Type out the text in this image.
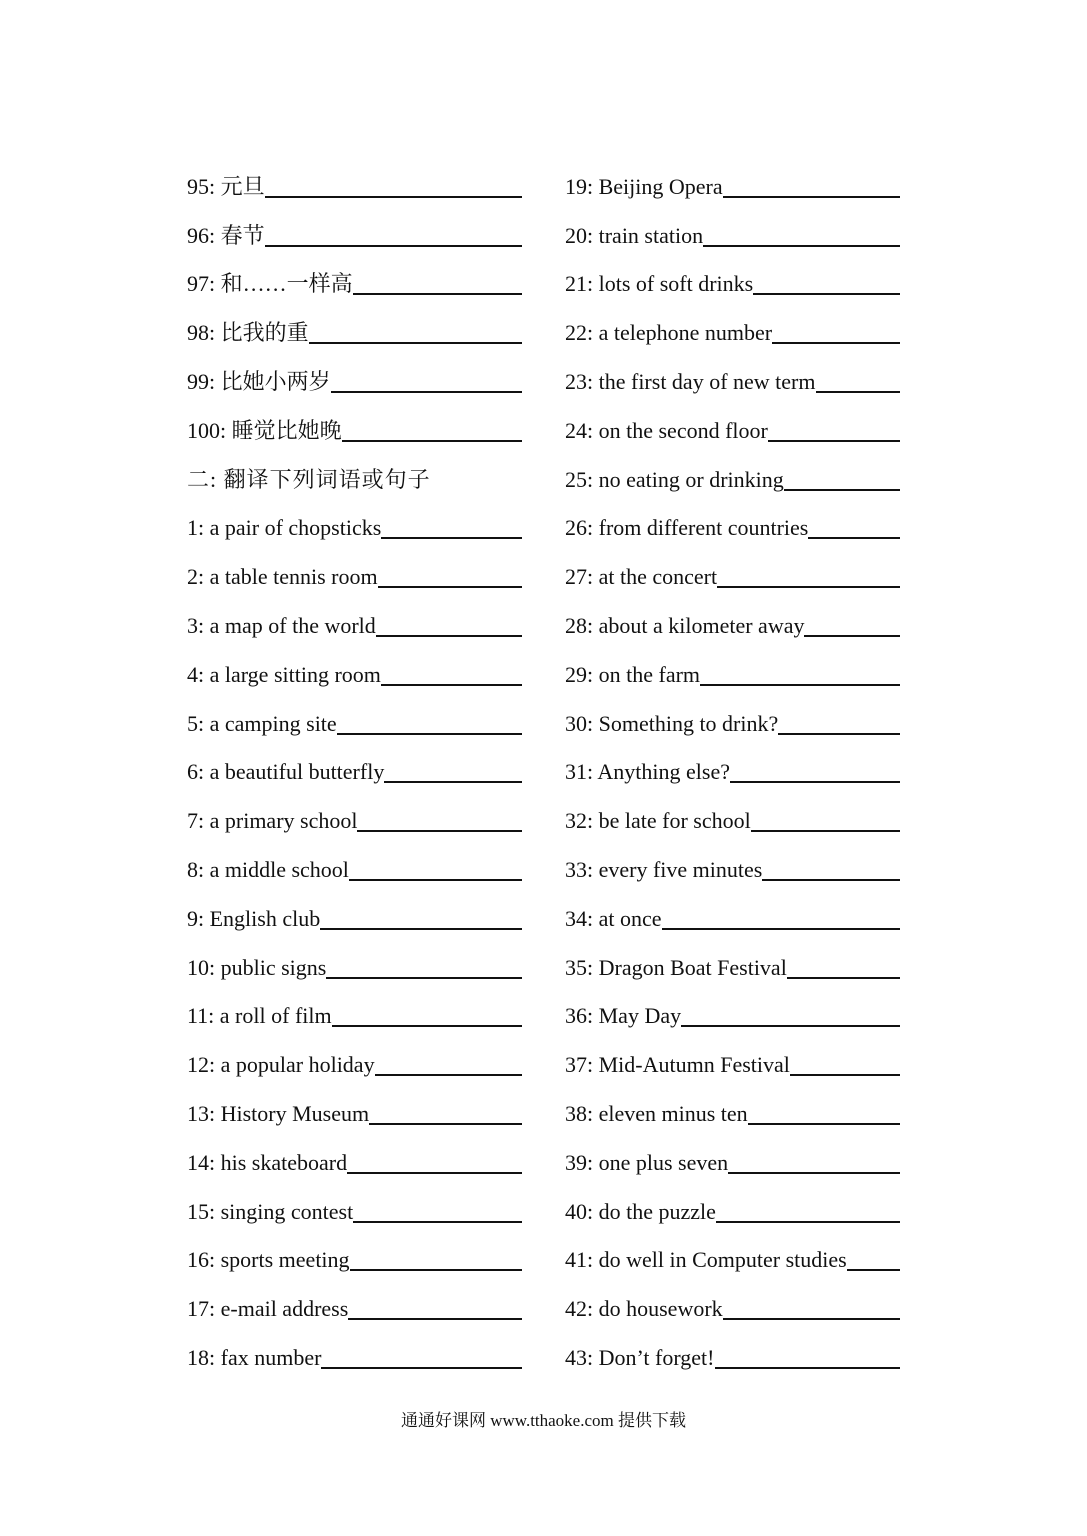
95: 元旦
96: 春节
97: 和……一样高
98: 比我的重
99: 比她小两岁
100: 睡觉比她晚
二: 翻译下列词语或句子
1: a pair of chopsticks
2: a table tennis room
3: a map of the world
4: a large sitting room
5: a camping site
6: a beautiful butterfly
7: a primary school
8: a middle school
9: English club
10: public signs
11: a roll of film
12: a popular holiday
13: History Museum
14: his skateboard
15: singing contest
16: sports meeting
17: e-mail address
18: fax number
19: Beijing Opera
20: train station
21: lots of soft drinks
22: a telephone number
23: the first day of new term
24: on the second floor
25: no eating or drinking
26: from different countries
27: at the concert
28: about a kilometer away
29: on the farm
30: Something to drink?
31: Anything else?
32: be late for school
33: every five minutes
34: at once
35: Dragon Boat Festival
36: May Day
37: Mid-Autumn Festival
38: eleven minus ten
39: one plus seven
40: do the puzzle
41: do well in Computer studies
42: do housework
43: Don’t forget!
通通好课网 www.tthaoke.com 提供下载
